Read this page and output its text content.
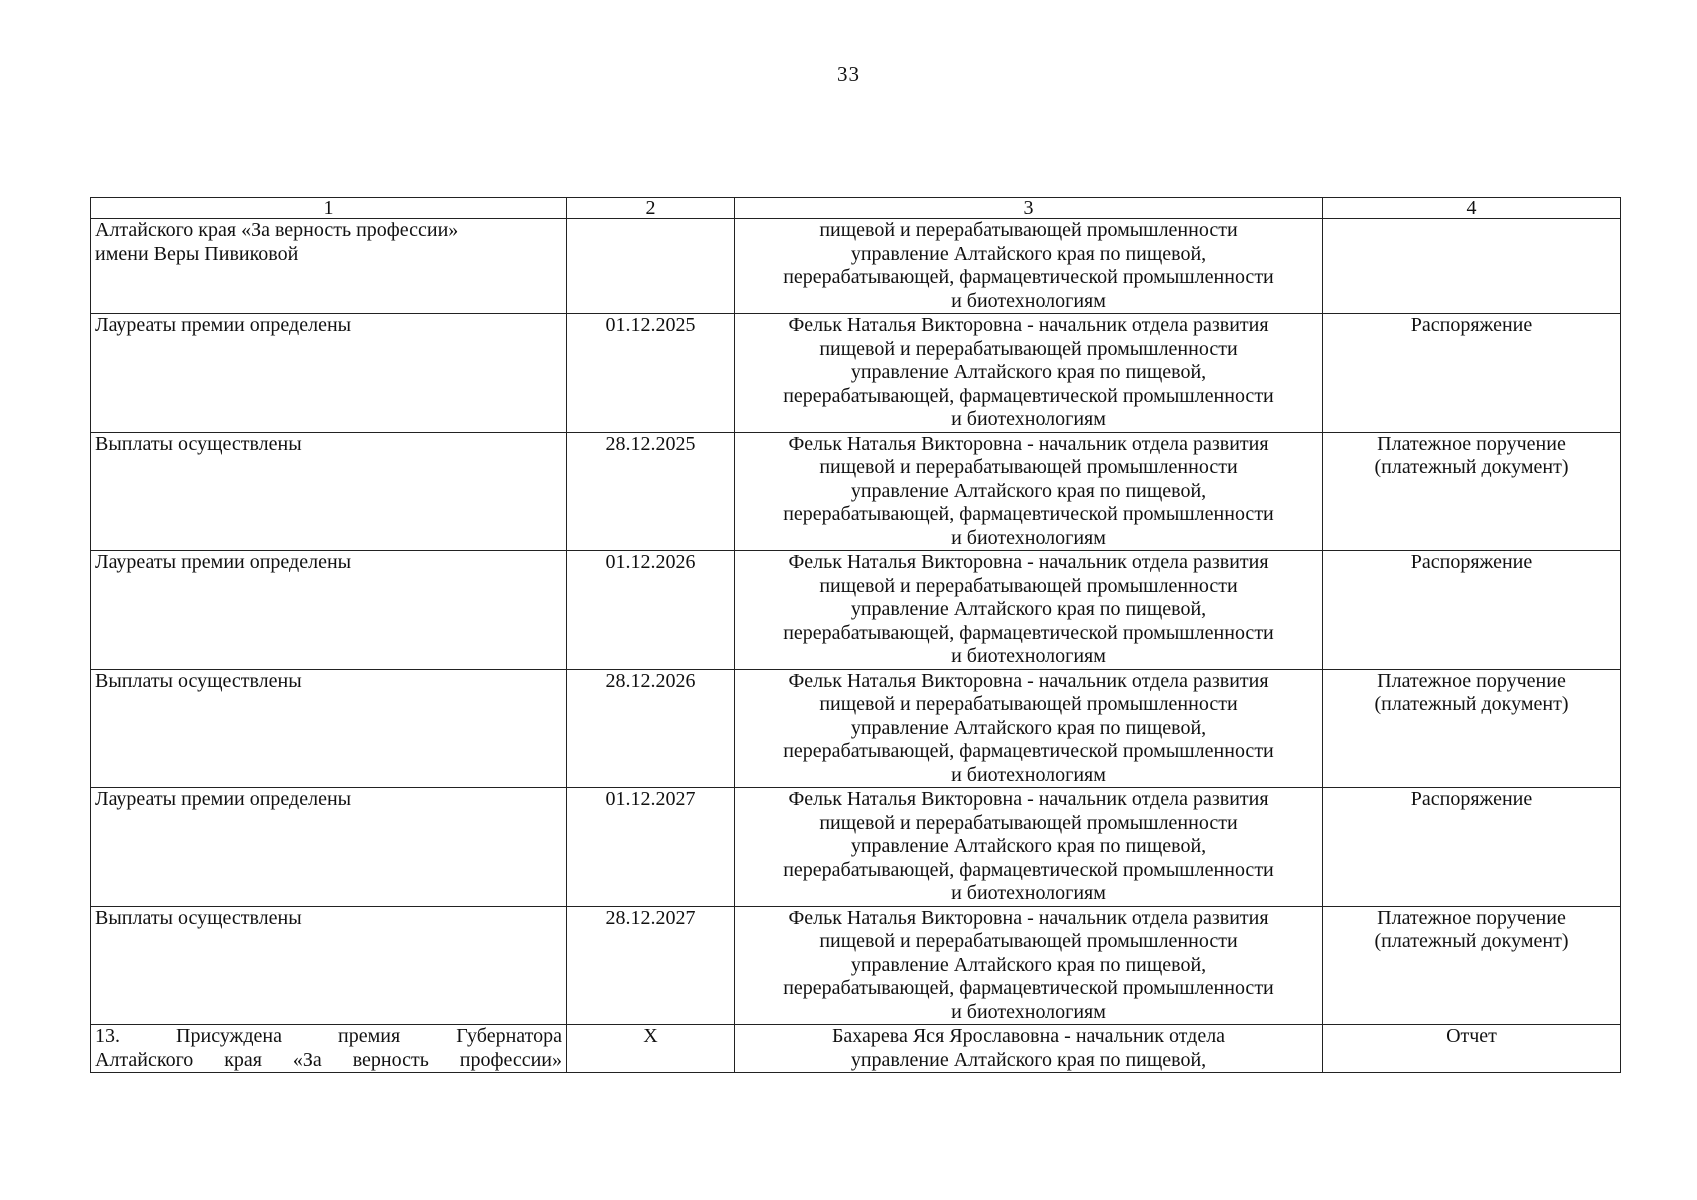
33
1	2	3	4

Алтайского края «За верность профессии»
имени Веры Пивиковой		пищевой и перерабатывающей промышленности
управление Алтайского края по пищевой,
перерабатывающей, фармацевтической промышленности
и биотехнологиям	

Лауреаты премии определены	01.12.2025	Фельк Наталья Викторовна - начальник отдела развития
пищевой и перерабатывающей промышленности
управление Алтайского края по пищевой,
перерабатывающей, фармацевтической промышленности
и биотехнологиям	Распоряжение

Выплаты осуществлены	28.12.2025	Фельк Наталья Викторовна - начальник отдела развития
пищевой и перерабатывающей промышленности
управление Алтайского края по пищевой,
перерабатывающей, фармацевтической промышленности
и биотехнологиям	Платежное поручение
(платежный документ)

Лауреаты премии определены	01.12.2026	Фельк Наталья Викторовна - начальник отдела развития
пищевой и перерабатывающей промышленности
управление Алтайского края по пищевой,
перерабатывающей, фармацевтической промышленности
и биотехнологиям	Распоряжение

Выплаты осуществлены	28.12.2026	Фельк Наталья Викторовна - начальник отдела развития
пищевой и перерабатывающей промышленности
управление Алтайского края по пищевой,
перерабатывающей, фармацевтической промышленности
и биотехнологиям	Платежное поручение
(платежный документ)

Лауреаты премии определены	01.12.2027	Фельк Наталья Викторовна - начальник отдела развития
пищевой и перерабатывающей промышленности
управление Алтайского края по пищевой,
перерабатывающей, фармацевтической промышленности
и биотехнологиям	Распоряжение

Выплаты осуществлены	28.12.2027	Фельк Наталья Викторовна - начальник отдела развития
пищевой и перерабатывающей промышленности
управление Алтайского края по пищевой,
перерабатывающей, фармацевтической промышленности
и биотехнологиям	Платежное поручение
(платежный документ)

13. Присуждена премия Губернатора
Алтайского края «За верность профессии»	X	Бахарева Яся Ярославовна - начальник отдела
управление Алтайского края по пищевой,	Отчет
